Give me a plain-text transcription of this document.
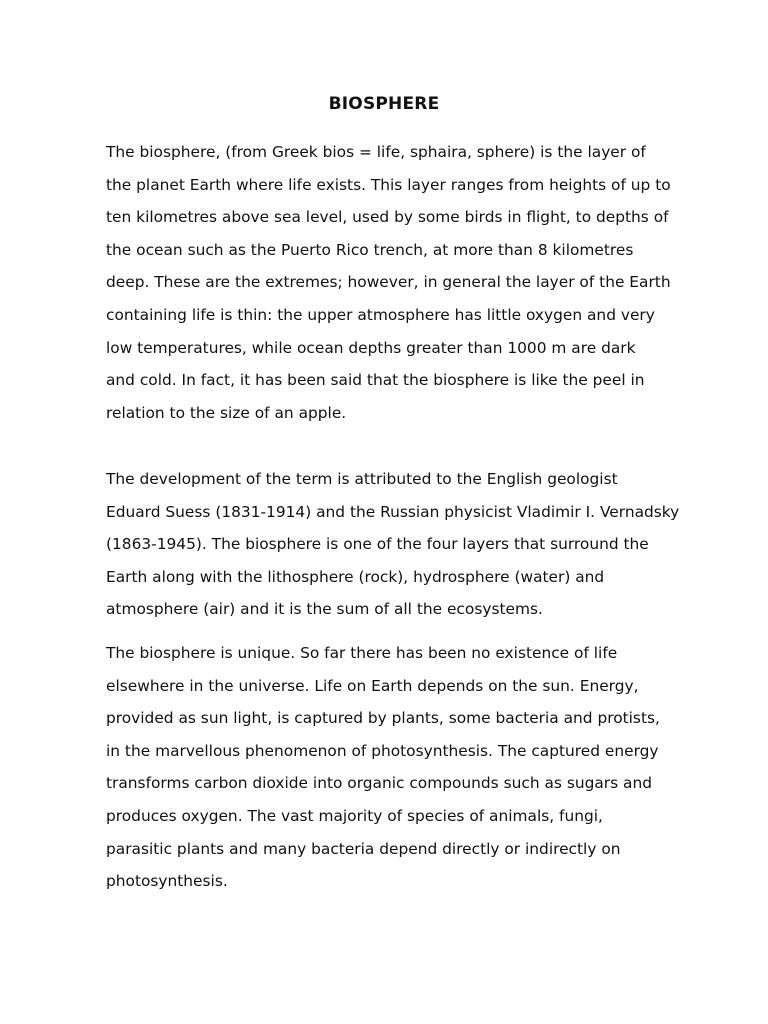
BIOSPHERE
The biosphere, (from Greek bios = life, sphaira, sphere) is the layer of
the planet Earth where life exists. This layer ranges from heights of up to
ten kilometres above sea level, used by some birds in flight, to depths of
the ocean such as the Puerto Rico trench, at more than 8 kilometres
deep. These are the extremes; however, in general the layer of the Earth
containing life is thin: the upper atmosphere has little oxygen and very
low temperatures, while ocean depths greater than 1000 m are dark
and cold. In fact, it has been said that the biosphere is like the peel in
relation to the size of an apple.
The development of the term is attributed to the English geologist
Eduard Suess (1831-1914) and the Russian physicist Vladimir I. Vernadsky
(1863-1945). The biosphere is one of the four layers that surround the
Earth along with the lithosphere (rock), hydrosphere (water) and
atmosphere (air) and it is the sum of all the ecosystems.
The biosphere is unique. So far there has been no existence of life
elsewhere in the universe. Life on Earth depends on the sun. Energy,
provided as sun light, is captured by plants, some bacteria and protists,
in the marvellous phenomenon of photosynthesis. The captured energy
transforms carbon dioxide into organic compounds such as sugars and
produces oxygen. The vast majority of species of animals, fungi,
parasitic plants and many bacteria depend directly or indirectly on
photosynthesis.
